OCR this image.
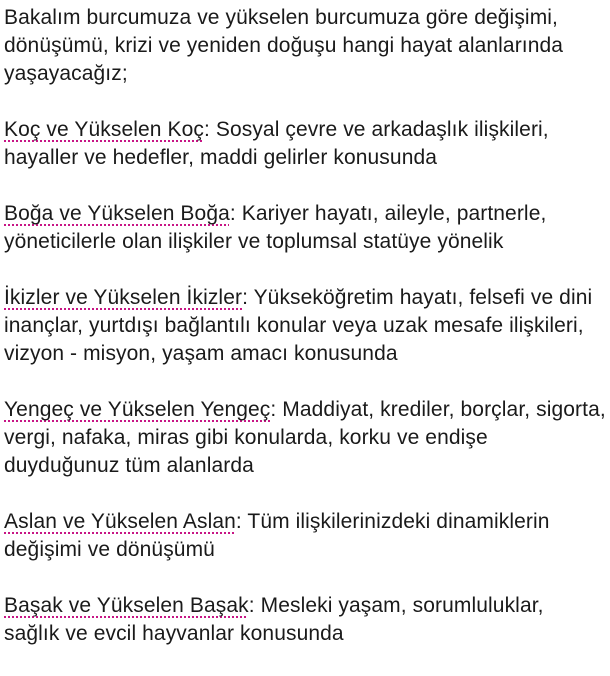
Bakalım burcumuza ve yükselen burcumuza göre değişimi,
dönüşümü, krizi ve yeniden doğuşu hangi hayat alanlarında
yaşayacağız;

Koç ve Yükselen Koç: Sosyal çevre ve arkadaşlık ilişkileri,
hayaller ve hedefler, maddi gelirler konusunda

Boğa ve Yükselen Boğa: Kariyer hayatı, aileyle, partnerle,
yöneticilerle olan ilişkiler ve toplumsal statüye yönelik

İkizler ve Yükselen İkizler: Yükseköğretim hayatı, felsefi ve dini
inançlar, yurtdışı bağlantılı konular veya uzak mesafe ilişkileri,
vizyon - misyon, yaşam amacı konusunda

Yengeç ve Yükselen Yengeç: Maddiyat, krediler, borçlar, sigorta,
vergi, nafaka, miras gibi konularda, korku ve endişe
duyduğunuz tüm alanlarda

Aslan ve Yükselen Aslan: Tüm ilişkilerinizdeki dinamiklerin
değişimi ve dönüşümü

Başak ve Yükselen Başak: Mesleki yaşam, sorumluluklar,
sağlık ve evcil hayvanlar konusunda
